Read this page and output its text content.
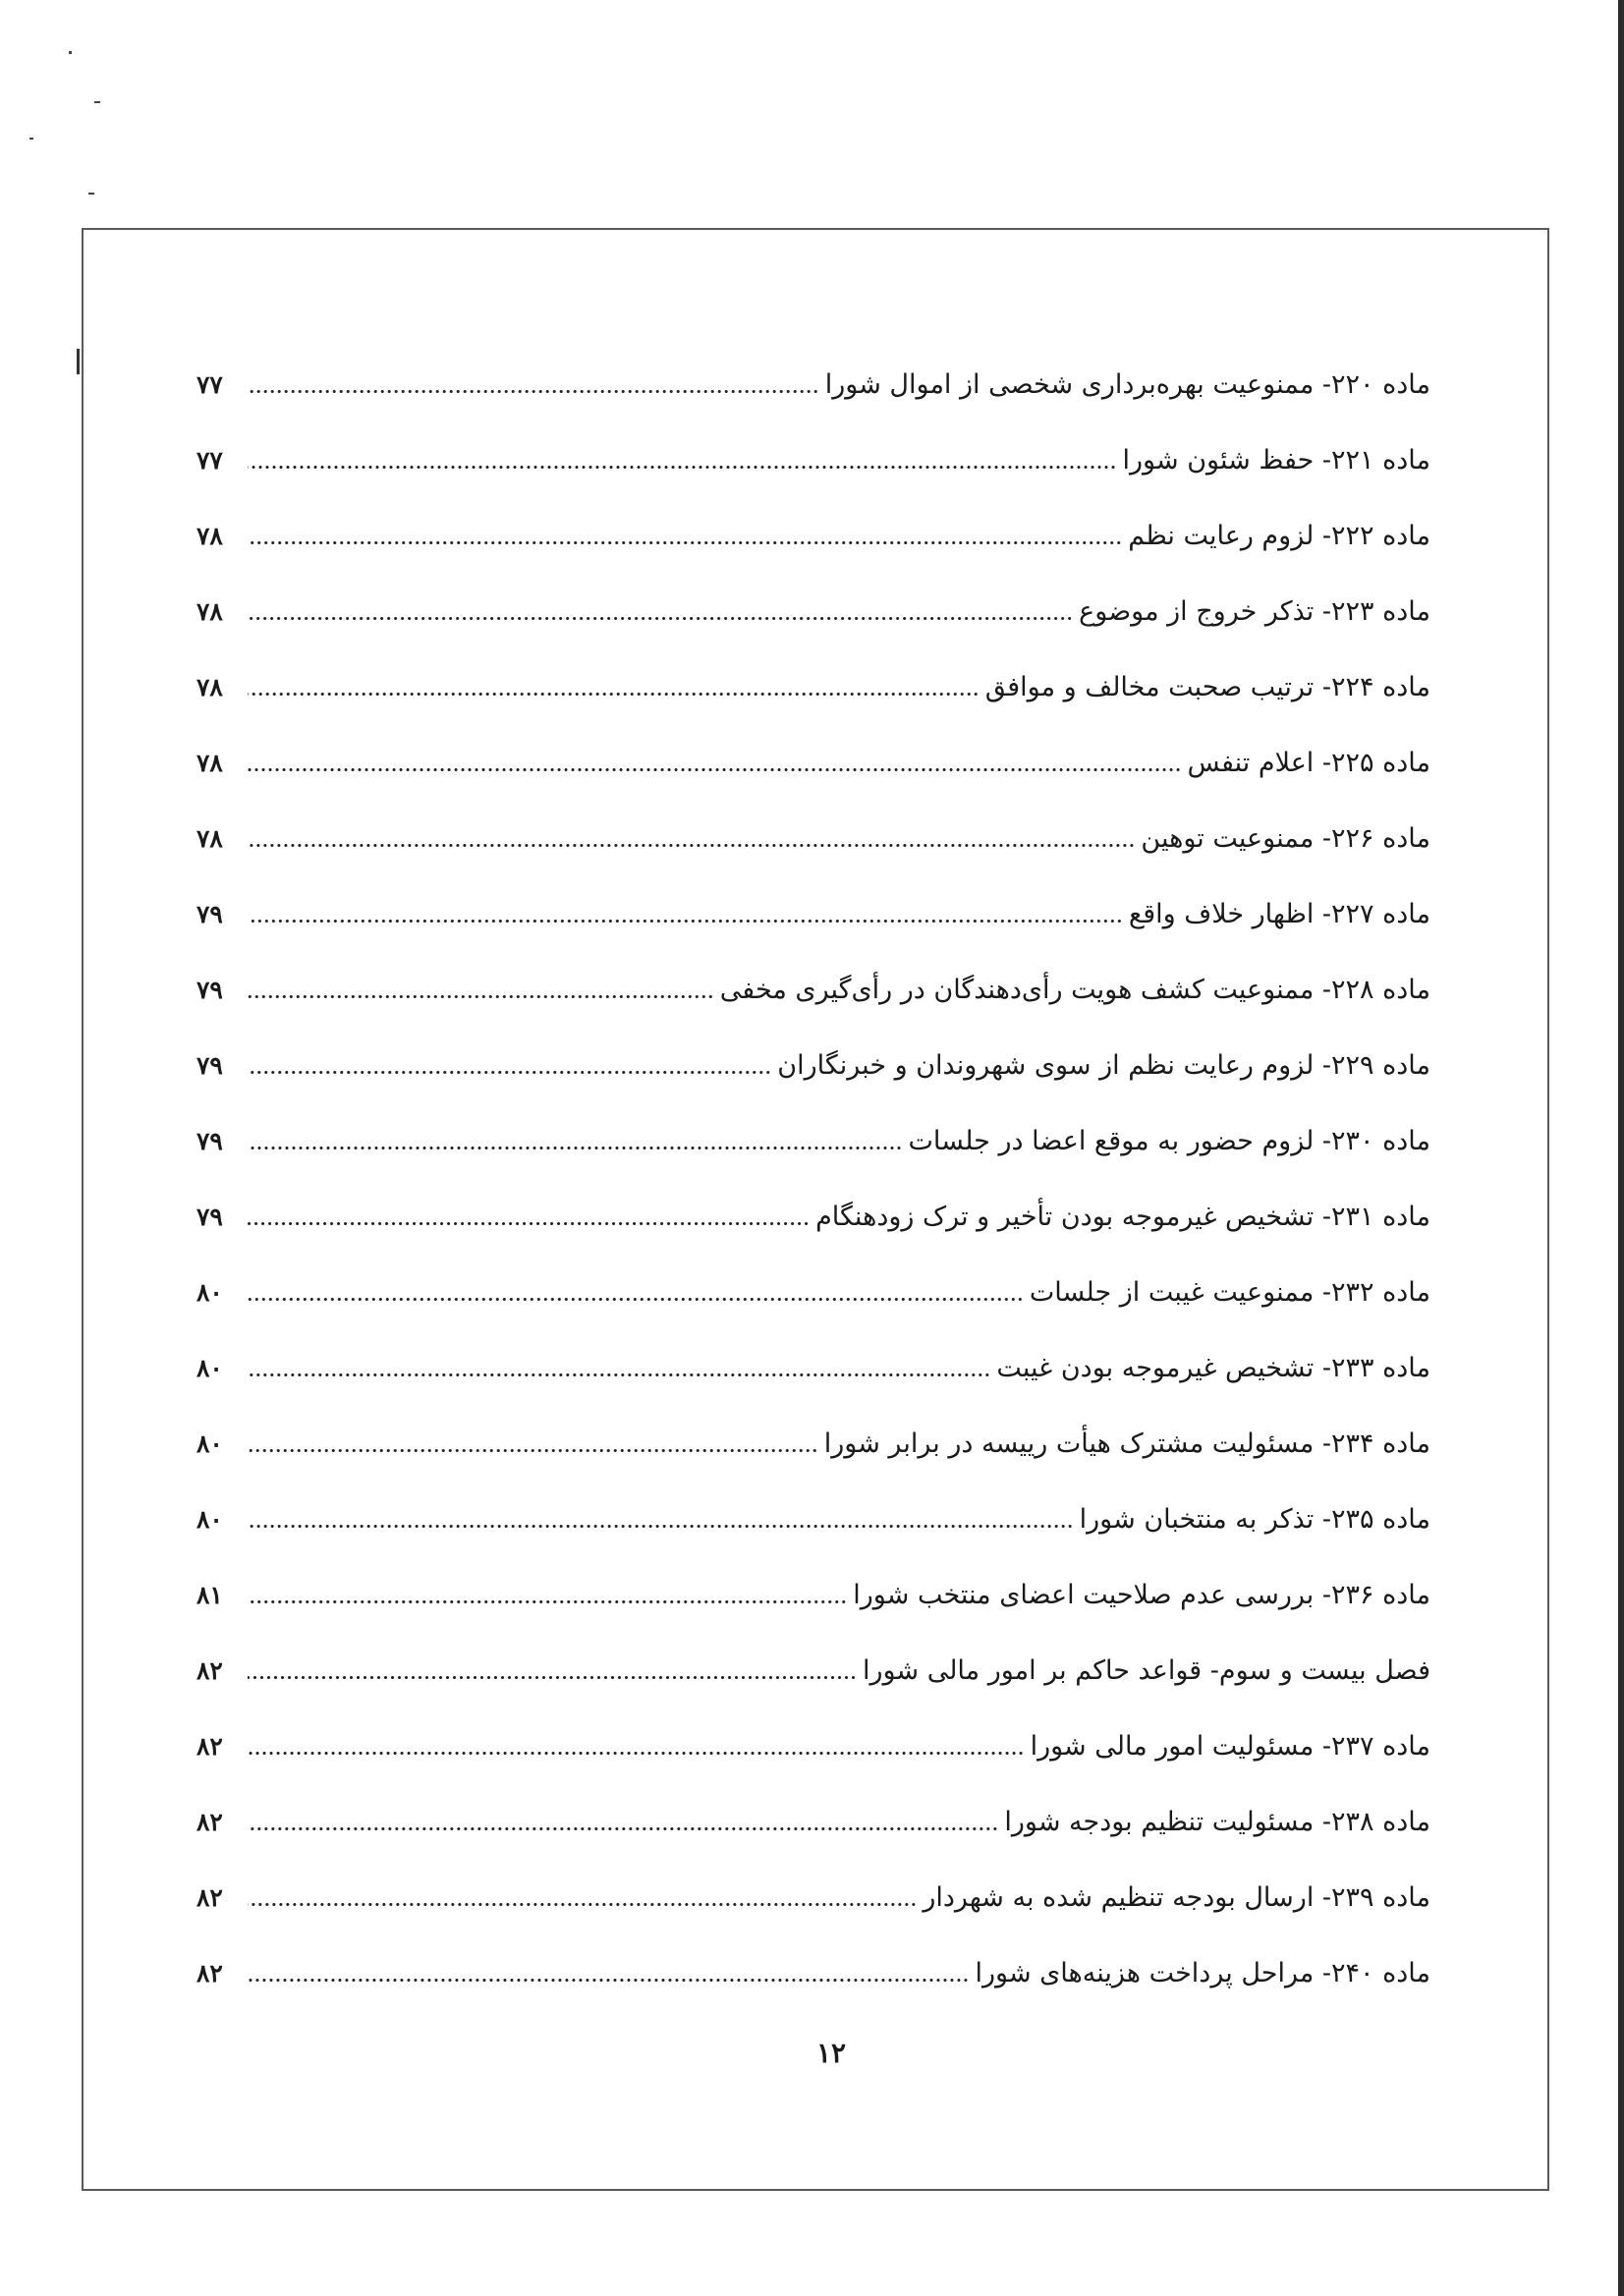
ماده ۲۲۰- ممنوعیت بهره‌برداری شخصی از اموال شورا
۷۷
ماده ۲۲۱- حفظ شئون شورا
۷۷
ماده ۲۲۲- لزوم رعایت نظم
۷۸
ماده ۲۲۳- تذکر خروج از موضوع
۷۸
ماده ۲۲۴- ترتیب صحبت مخالف و موافق
۷۸
ماده ۲۲۵- اعلام تنفس
۷۸
ماده ۲۲۶- ممنوعیت توهین
۷۸
ماده ۲۲۷- اظهار خلاف واقع
۷۹
ماده ۲۲۸- ممنوعیت کشف هویت رأی‌دهندگان در رأی‌گیری مخفی
۷۹
ماده ۲۲۹- لزوم رعایت نظم از سوی شهروندان و خبرنگاران
۷۹
ماده ۲۳۰- لزوم حضور به موقع اعضا در جلسات
۷۹
ماده ۲۳۱- تشخیص غیرموجه بودن تأخیر و ترک زودهنگام
۷۹
ماده ۲۳۲- ممنوعیت غیبت از جلسات
۸۰
ماده ۲۳۳- تشخیص غیرموجه بودن غیبت
۸۰
ماده ۲۳۴- مسئولیت مشترک هیأت رییسه در برابر شورا
۸۰
ماده ۲۳۵- تذکر به منتخبان شورا
۸۰
ماده ۲۳۶- بررسی عدم صلاحیت اعضای منتخب شورا
۸۱
فصل بیست و سوم- قواعد حاکم بر امور مالی شورا
۸۲
ماده ۲۳۷- مسئولیت امور مالی شورا
۸۲
ماده ۲۳۸- مسئولیت تنظیم بودجه شورا
۸۲
ماده ۲۳۹- ارسال بودجه تنظیم شده به شهردار
۸۲
ماده ۲۴۰- مراحل پرداخت هزینه‌های شورا
۸۲
۱۲
